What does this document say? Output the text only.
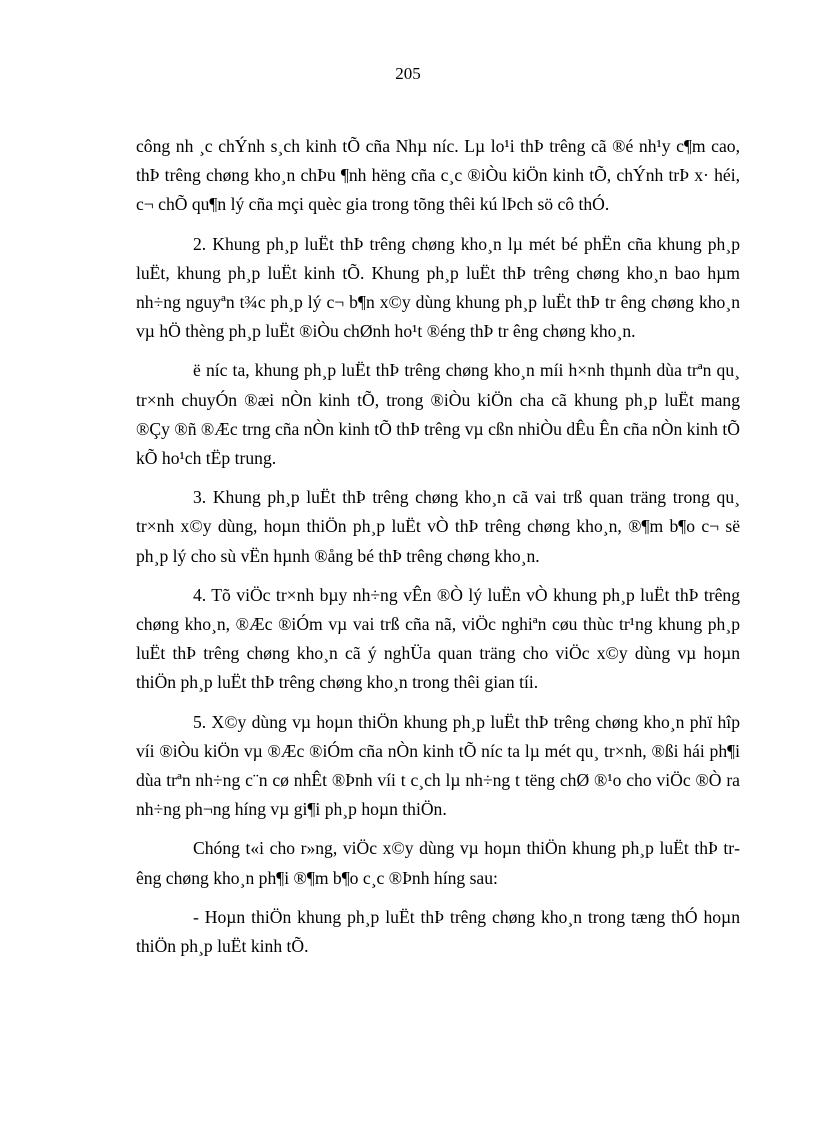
205

công nh ¸c chÝnh s¸ch kinh tÕ cña Nhµ níc. Lµ lo¹i thÞ trêng cã ®é nh¹y c¶m cao, thÞ trêng chøng kho¸n chÞu ¶nh hëng cña c¸c ®iÒu kiÖn kinh tÕ, chÝnh trÞ x· héi, c¬ chÕ qu¶n lý cña mçi quèc gia trong tõng thêi kú lÞch sö cô thÓ.

2. Khung ph¸p luËt thÞ trêng chøng kho¸n lµ mét bé phËn cña khung ph¸p luËt, khung ph¸p luËt kinh tÕ. Khung ph¸p luËt thÞ trêng chøng kho¸n bao hµm nh÷ng nguyªn t¾c ph¸p lý c¬ b¶n x©y dùng khung ph¸p luËt thÞ tr êng chøng kho¸n vµ hÖ thèng ph¸p luËt ®iÒu chØnh ho¹t ®éng thÞ tr êng chøng kho¸n.

ë níc ta, khung ph¸p luËt thÞ trêng chøng kho¸n míi h×nh thµnh dùa trªn qu¸ tr×nh chuyÓn ®æi nÒn kinh tÕ, trong ®iÒu kiÖn cha cã khung ph¸p luËt mang ®Çy ®ñ ®Æc trng cña nÒn kinh tÕ thÞ trêng vµ cßn nhiÒu dÊu Ên cña nÒn kinh tÕ kÕ ho¹ch tËp trung.

3. Khung ph¸p luËt thÞ trêng chøng kho¸n cã vai trß quan träng trong qu¸ tr×nh x©y dùng, hoµn thiÖn ph¸p luËt vÒ thÞ trêng chøng kho¸n, ®¶m b¶o c¬ së ph¸p lý cho sù vËn hµnh ®ång bé thÞ trêng chøng kho¸n.

4. Tõ viÖc tr×nh bµy nh÷ng vÊn ®Ò lý luËn vÒ khung ph¸p luËt thÞ trêng chøng kho¸n, ®Æc ®iÓm vµ vai trß cña nã, viÖc nghiªn cøu thùc tr¹ng khung ph¸p luËt thÞ trêng chøng kho¸n cã ý nghÜa quan träng cho viÖc x©y dùng vµ hoµn thiÖn ph¸p luËt thÞ trêng chøng kho¸n trong thêi gian tíi.

5. X©y dùng vµ hoµn thiÖn khung ph¸p luËt thÞ trêng chøng kho¸n phï hîp víi ®iÒu kiÖn vµ ®Æc ®iÓm cña nÒn kinh tÕ níc ta lµ mét qu¸ tr×nh, ®ßi hái ph¶i dùa trªn nh÷ng c¨n cø nhÊt ®Þnh víi t c¸ch lµ nh÷ng t tëng chØ ®¹o cho viÖc ®Ò ra nh÷ng ph¬ng híng vµ gi¶i ph¸p hoµn thiÖn.

Chóng t«i cho r»ng, viÖc x©y dùng vµ hoµn thiÖn khung ph¸p luËt thÞ trêng chøng kho¸n ph¶i ®¶m b¶o c¸c ®Þnh híng sau:

- Hoµn thiÖn khung ph¸p luËt thÞ trêng chøng kho¸n trong tæng thÓ hoµn thiÖn ph¸p luËt kinh tÕ.
